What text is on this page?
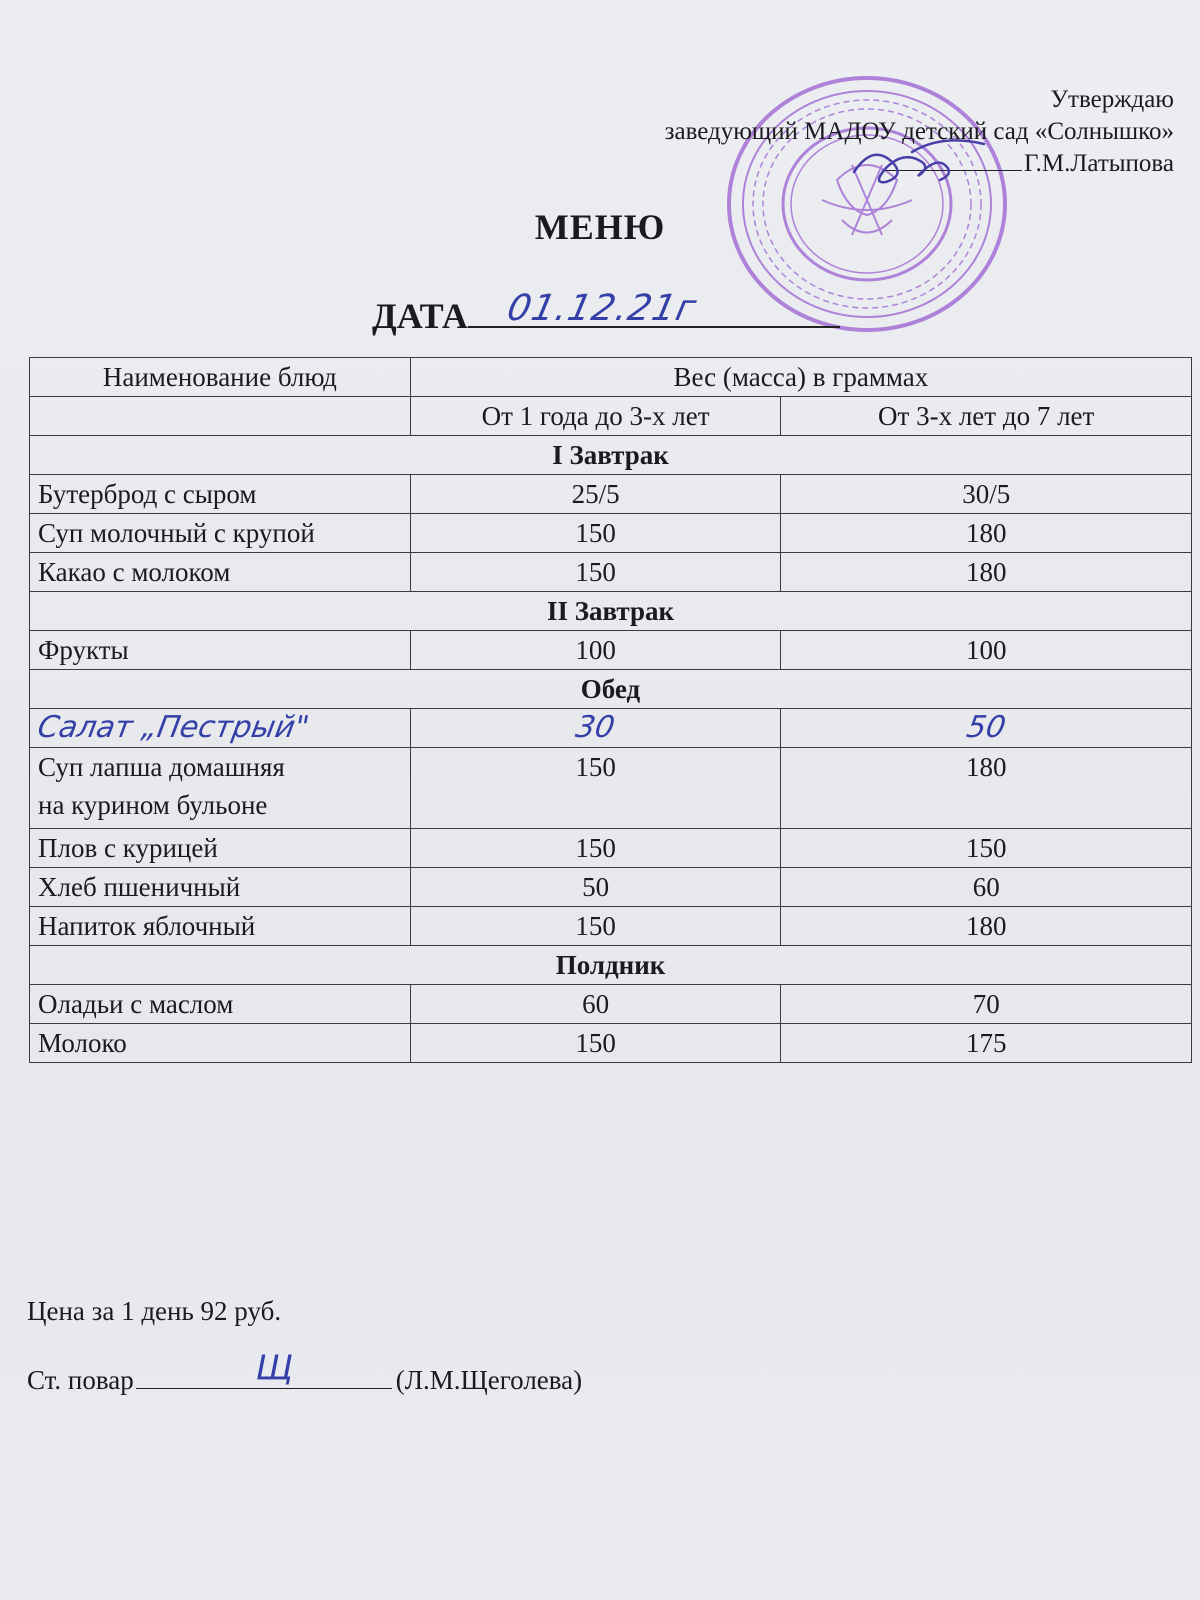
Утверждаю
заведующий МАДОУ детский сад «Солнышко»
Г.М.Латыпова
МЕНЮ
ДАТА 01.12.21г
Наименование блюд	Вес (масса) в граммах	
	От 1 года до 3-х лет	От 3-х лет до 7 лет
I Завтрак		
Бутерброд с сыром	25/5	30/5
Суп молочный с крупой	150	180
Какао с молоком	150	180
II Завтрак		
Фрукты	100	100
Обед		
Салат „Пестрый"	30	50

Суп лапша домашняя
на курином бульоне	150	180
Плов с курицей	150	150
Хлеб пшеничный	50	60
Напиток яблочный	150	180
Полдник		
Оладьи с маслом	60	70
Молоко	150	175
Цена за 1 день 92 руб.
Ст. повар	Щ	(Л.М.Щеголева)
